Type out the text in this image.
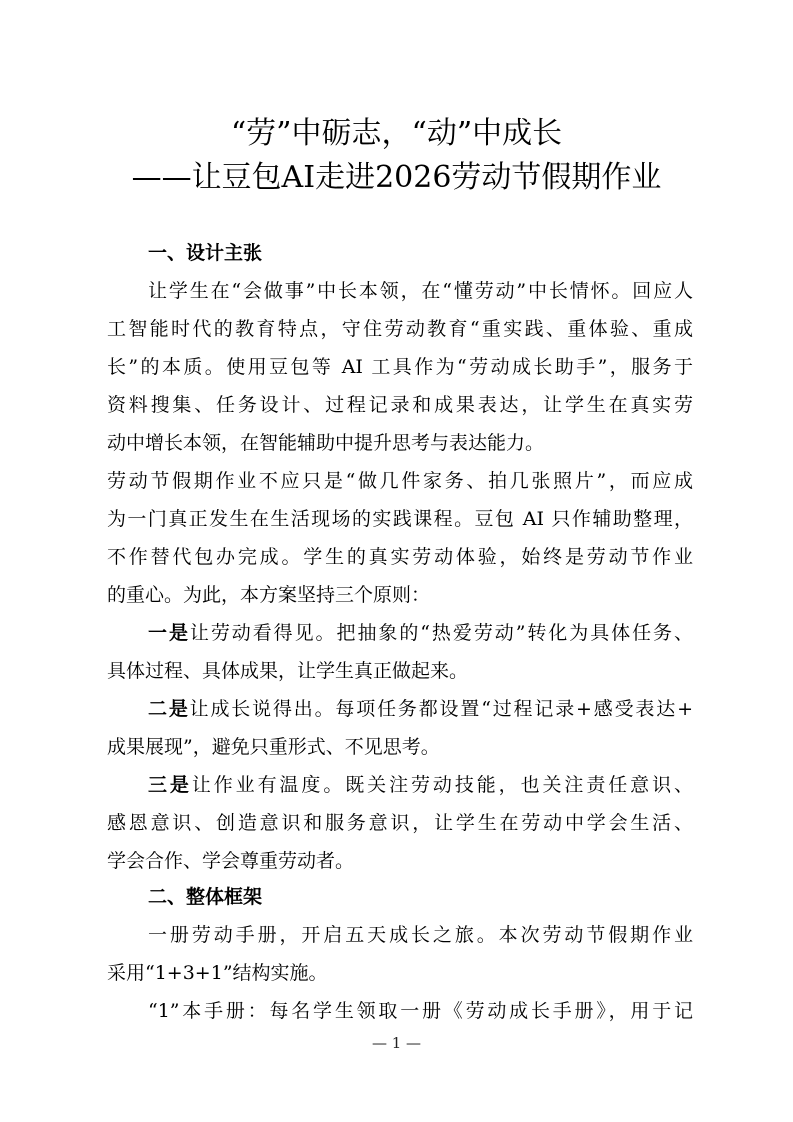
“劳”中砺志，“动”中成长
——让豆包AI走进2026劳动节假期作业
一、设计主张
让学生在“会做事”中长本领，在“懂劳动”中长情怀。回应人
工智能时代的教育特点，守住劳动教育“重实践、重体验、重成
长”的本质。使用豆包等 AI 工具作为“劳动成长助手”，服务于
资料搜集、任务设计、过程记录和成果表达，让学生在真实劳
动中增长本领，在智能辅助中提升思考与表达能力。
劳动节假期作业不应只是“做几件家务、拍几张照片”，而应成
为一门真正发生在生活现场的实践课程。豆包 AI 只作辅助整理，
不作替代包办完成。学生的真实劳动体验，始终是劳动节作业
的重心。为此，本方案坚持三个原则：
一是让劳动看得见。把抽象的“热爱劳动”转化为具体任务、
具体过程、具体成果，让学生真正做起来。
二是让成长说得出。每项任务都设置“过程记录+感受表达+
成果展现”，避免只重形式、不见思考。
三是让作业有温度。既关注劳动技能，也关注责任意识、
感恩意识、创造意识和服务意识，让学生在劳动中学会生活、
学会合作、学会尊重劳动者。
二、整体框架
一册劳动手册，开启五天成长之旅。本次劳动节假期作业
采用“1+3+1”结构实施。
“1”本手册：每名学生领取一册《劳动成长手册》，用于记
— 1 —
